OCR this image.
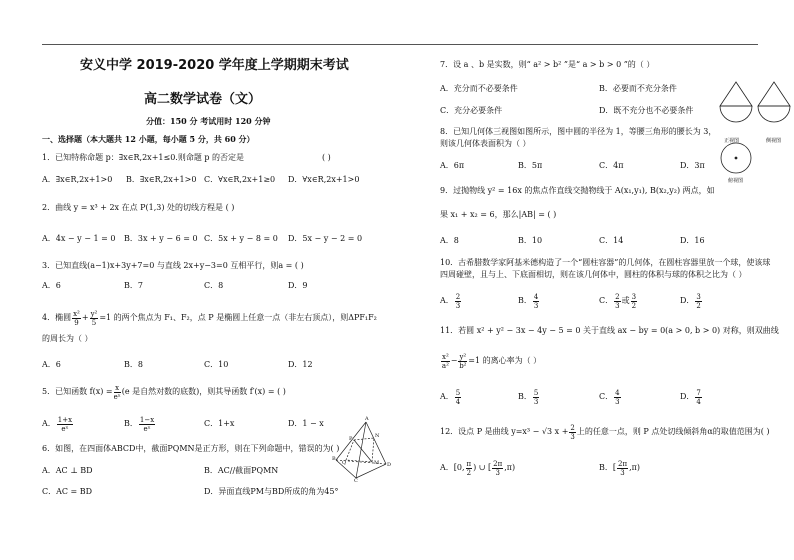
安义中学 2019-2020 学年度上学期期末考试
高二数学试卷（文）
分值：150 分 考试用时 120 分钟
一、选择题（本大题共 12 小题，每小题 5 分，共 60 分）
1．已知特称命题 p：∃x∈R,2x+1≤0.则命题 p 的否定是	( )
A．∃x∈R,2x+1>0 B．∃x∈R,2x+1>0 C．∀x∈R,2x+1≥0 D．∀x∈R,2x+1>0
2．曲线 y = x³ + 2x 在点 P(1,3) 处的切线方程是 ( )
A．4x − y − 1 = 0 B．3x + y − 6 = 0 C．5x + y − 8 = 0 D．5x − y − 2 = 0
3．已知直线(a−1)x+3y+7=0 与直线 2x+y−3=0 互相平行，则a = ( )
A．6	B．7	C．8	D．9
4．椭圆 $\frac{\text{x²}}{9} + \frac{\text{y²}}{5} =1$ 的两个焦点为 F₁、F₂，点 P 是椭圆上任意一点（非左右顶点），则ΔPF₁F₂
的周长为（ ）
A．6	B．8	C．10	D．12
5．已知函数 $f(x) = \frac{x}{\text{eˣ}} (e$ 是自然对数的底数)，则其导函数 f′(x) = ( )
A． $\frac{1+x}{\text{eˣ}}$	B． $\frac{1-x}{\text{eˣ}}$	C．1+x	D．1 − x
6．如图，在四面体ABCD中，截面PQMN是正方形，则在下列命题中，错误的为( )
A．AC ⊥ BD	B．AC//截面PQMN
C．AC = BD	D．异面直线PM与BD所成的角为45°
A
B
D
C
P	N
M
Q
7．设 a 、b 是实数，则“ a² > b² ”是“ a > b > 0 ”的（ ）
A．充分而不必要条件	B．必要而不充分条件
C．充分必要条件	D．既不充分也不必要条件
8．已知几何体三视图如图所示，图中圆的半径为 1，等腰三角形的腰长为 3，
则该几何体表面积为（ ）
A．6π	B．5π	C．4π	D．3π
正视图	侧视图
俯视图
9．过抛物线 y² = 16x 的焦点作直线交抛物线于 A(x₁,y₁), B(x₂,y₂) 两点，如
果 x₁ + x₂ = 6，那么|AB| = ( )
A．8	B．10	C．14	D．16
10．古希腊数学家阿基米德构造了一个“圆柱容器”的几何体，在圆柱容器里放一个球，使该球
四周碰壁，且与上、下底面相切，则在该几何体中，圆柱的体积与球的体积之比为（ ）
A． $\frac{2}{3}$	B． $\frac{4}{3}$	C． $\frac{2}{3}$ 或 $\frac{3}{2}$	D． $\frac{3}{2}$
11．若圆 x² + y² − 3x − 4y − 5 = 0 关于直线 ax − by = 0(a > 0, b > 0) 对称，则双曲线
$\frac{\text{x²}}{\text{a²}} - \frac{\text{y²}}{\text{b²}} =1$ 的离心率为（ ）
A． $\frac{5}{4}$	B． $\frac{5}{3}$	C． $\frac{4}{3}$	D． $\frac{7}{4}$
12．设点 P 是曲线 y=x³ − √3 $x + \frac{2}{3}$ 上的任意一点，则 P 点处切线倾斜角α的取值范围为( )
A．[0, $\frac{\pi}{2}$ ) ∪ [ $\frac{2\pi}{3} ,\pi$)	B．[ $\frac{2\pi}{3} ,\pi$)
